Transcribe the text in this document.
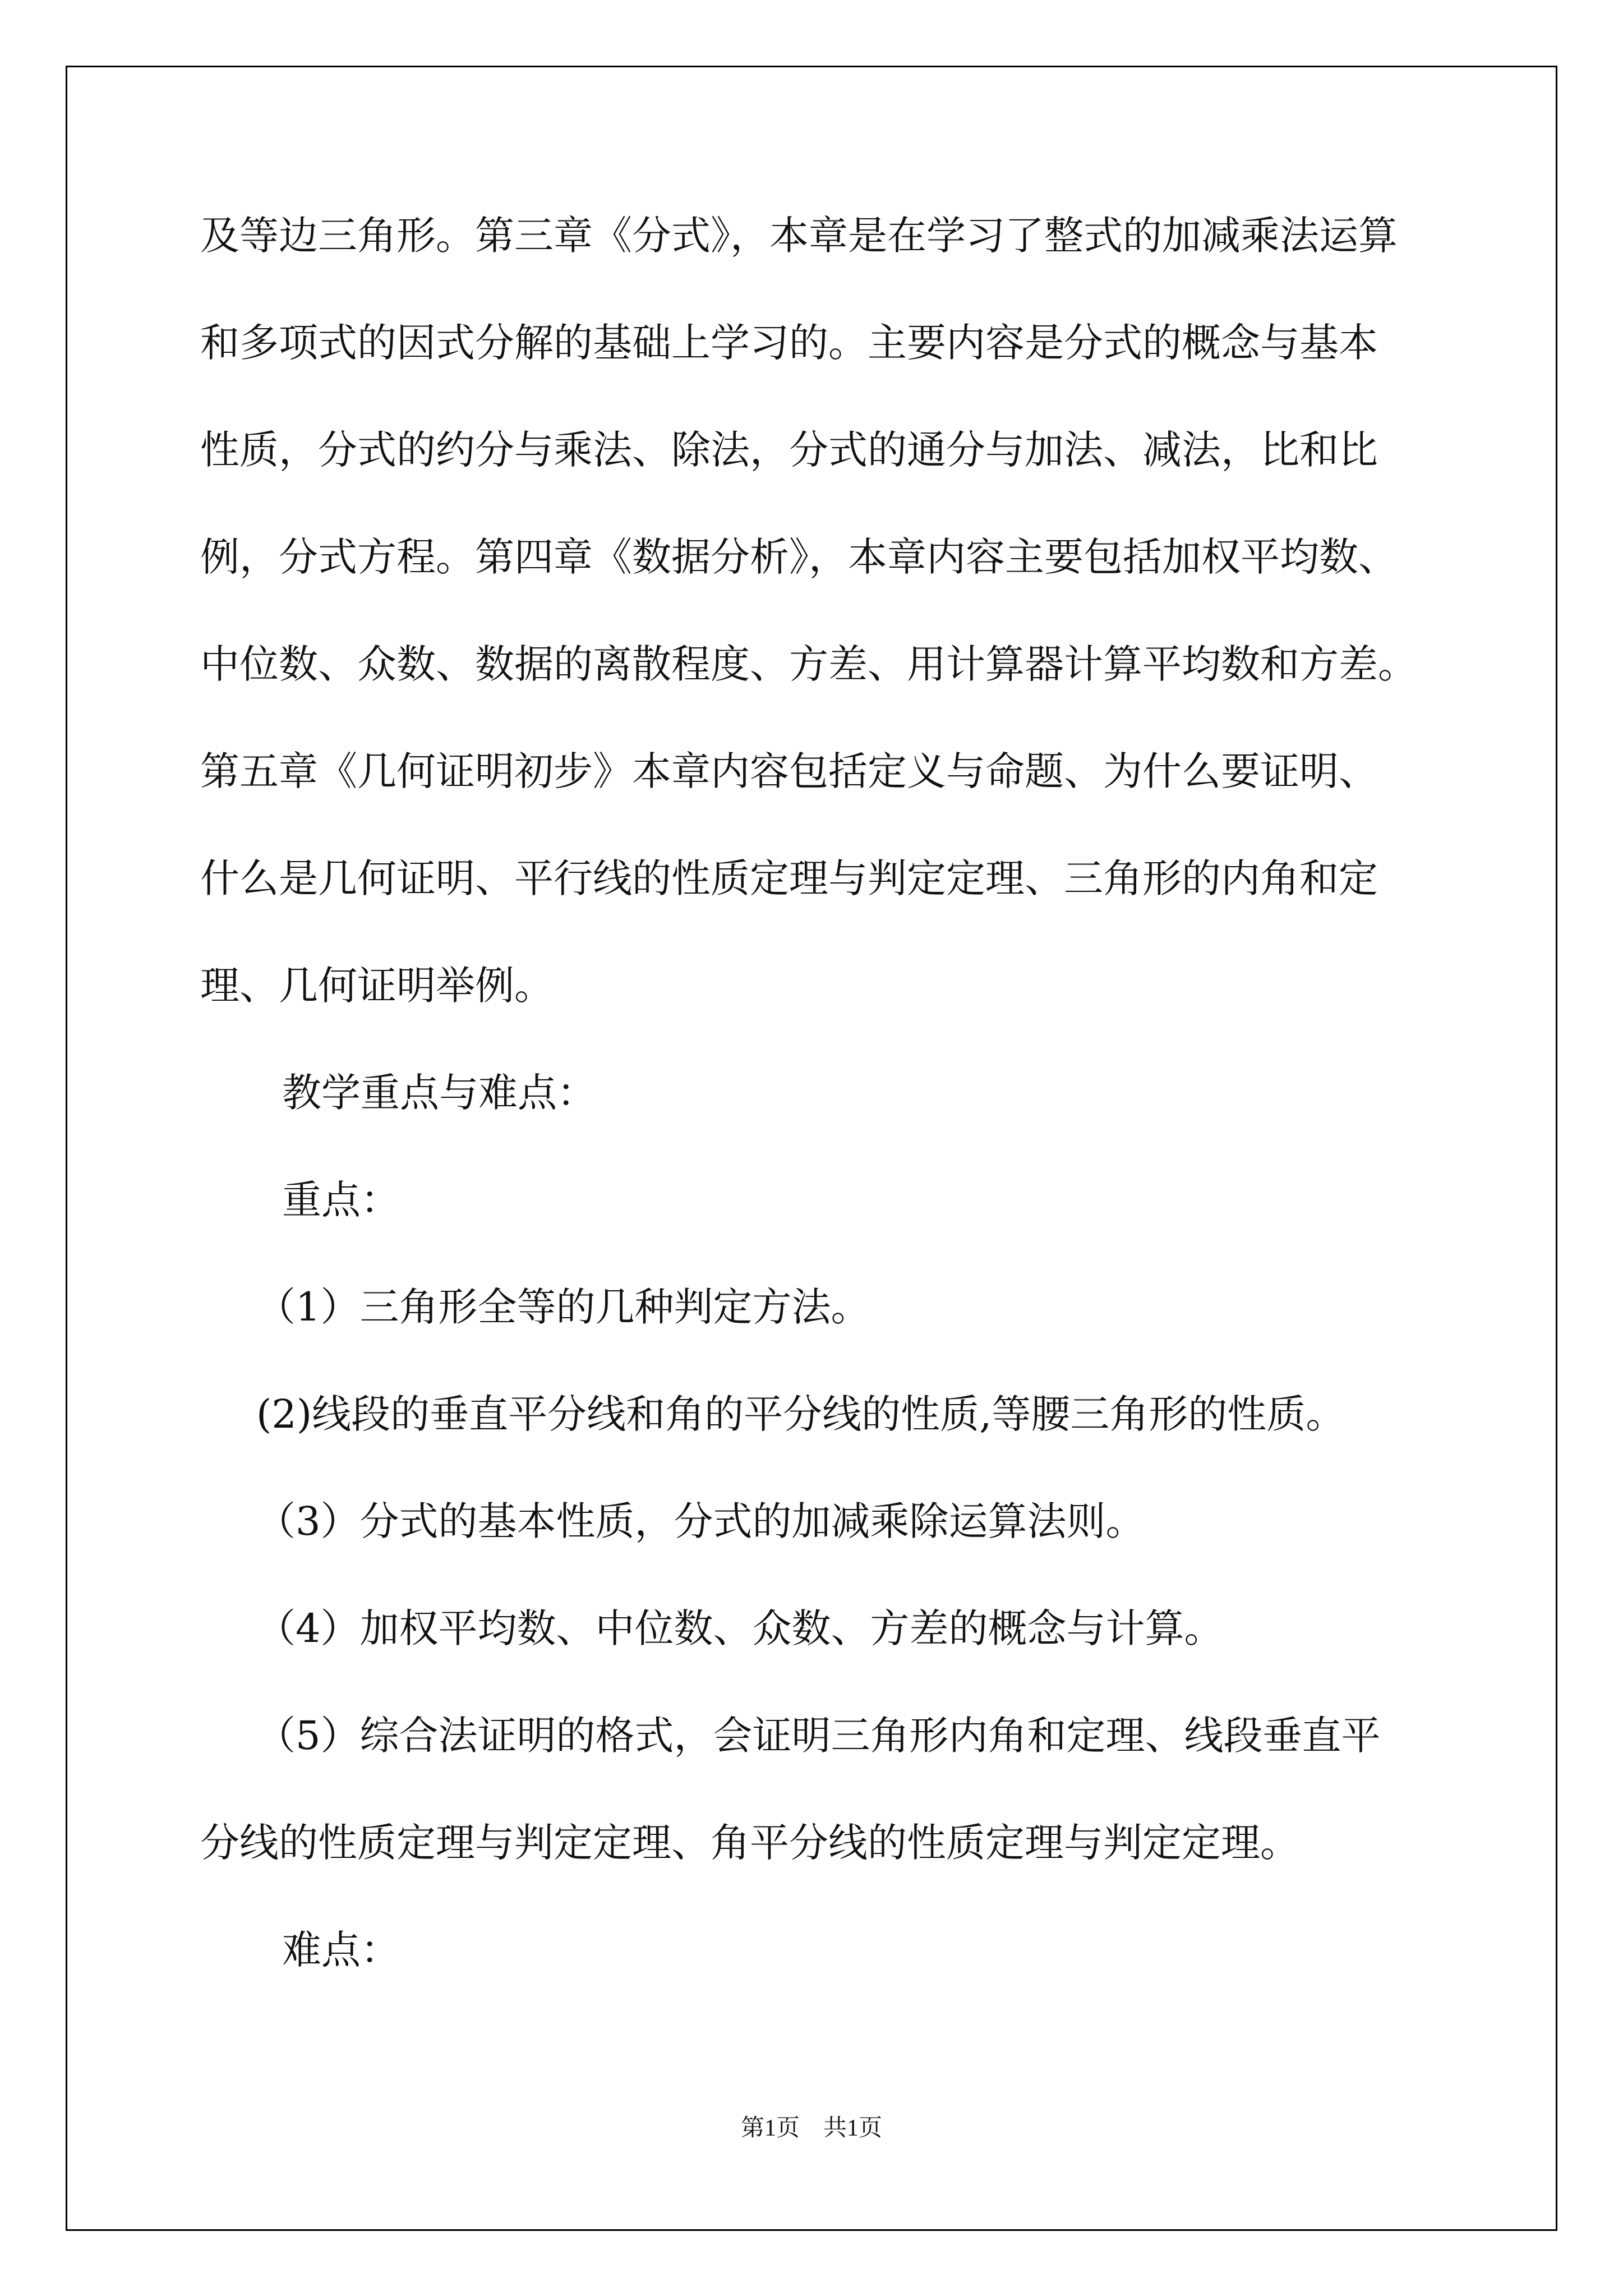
及等边三角形。第三章《分式》，本章是在学习了整式的加减乘法运算
和多项式的因式分解的基础上学习的。主要内容是分式的概念与基本
性质，分式的约分与乘法、除法，分式的通分与加法、减法，比和比
例，分式方程。第四章《数据分析》，本章内容主要包括加权平均数、
中位数、众数、数据的离散程度、方差、用计算器计算平均数和方差。
第五章《几何证明初步》本章内容包括定义与命题、为什么要证明、
什么是几何证明、平行线的性质定理与判定定理、三角形的内角和定
理、几何证明举例。
教学重点与难点：
重点：
（1）三角形全等的几种判定方法。
(2)线段的垂直平分线和角的平分线的性质,等腰三角形的性质。
（3）分式的基本性质，分式的加减乘除运算法则。
（4）加权平均数、中位数、众数、方差的概念与计算。
（5）综合法证明的格式，会证明三角形内角和定理、线段垂直平
分线的性质定理与判定定理、角平分线的性质定理与判定定理。
难点：
第1页　共1页
